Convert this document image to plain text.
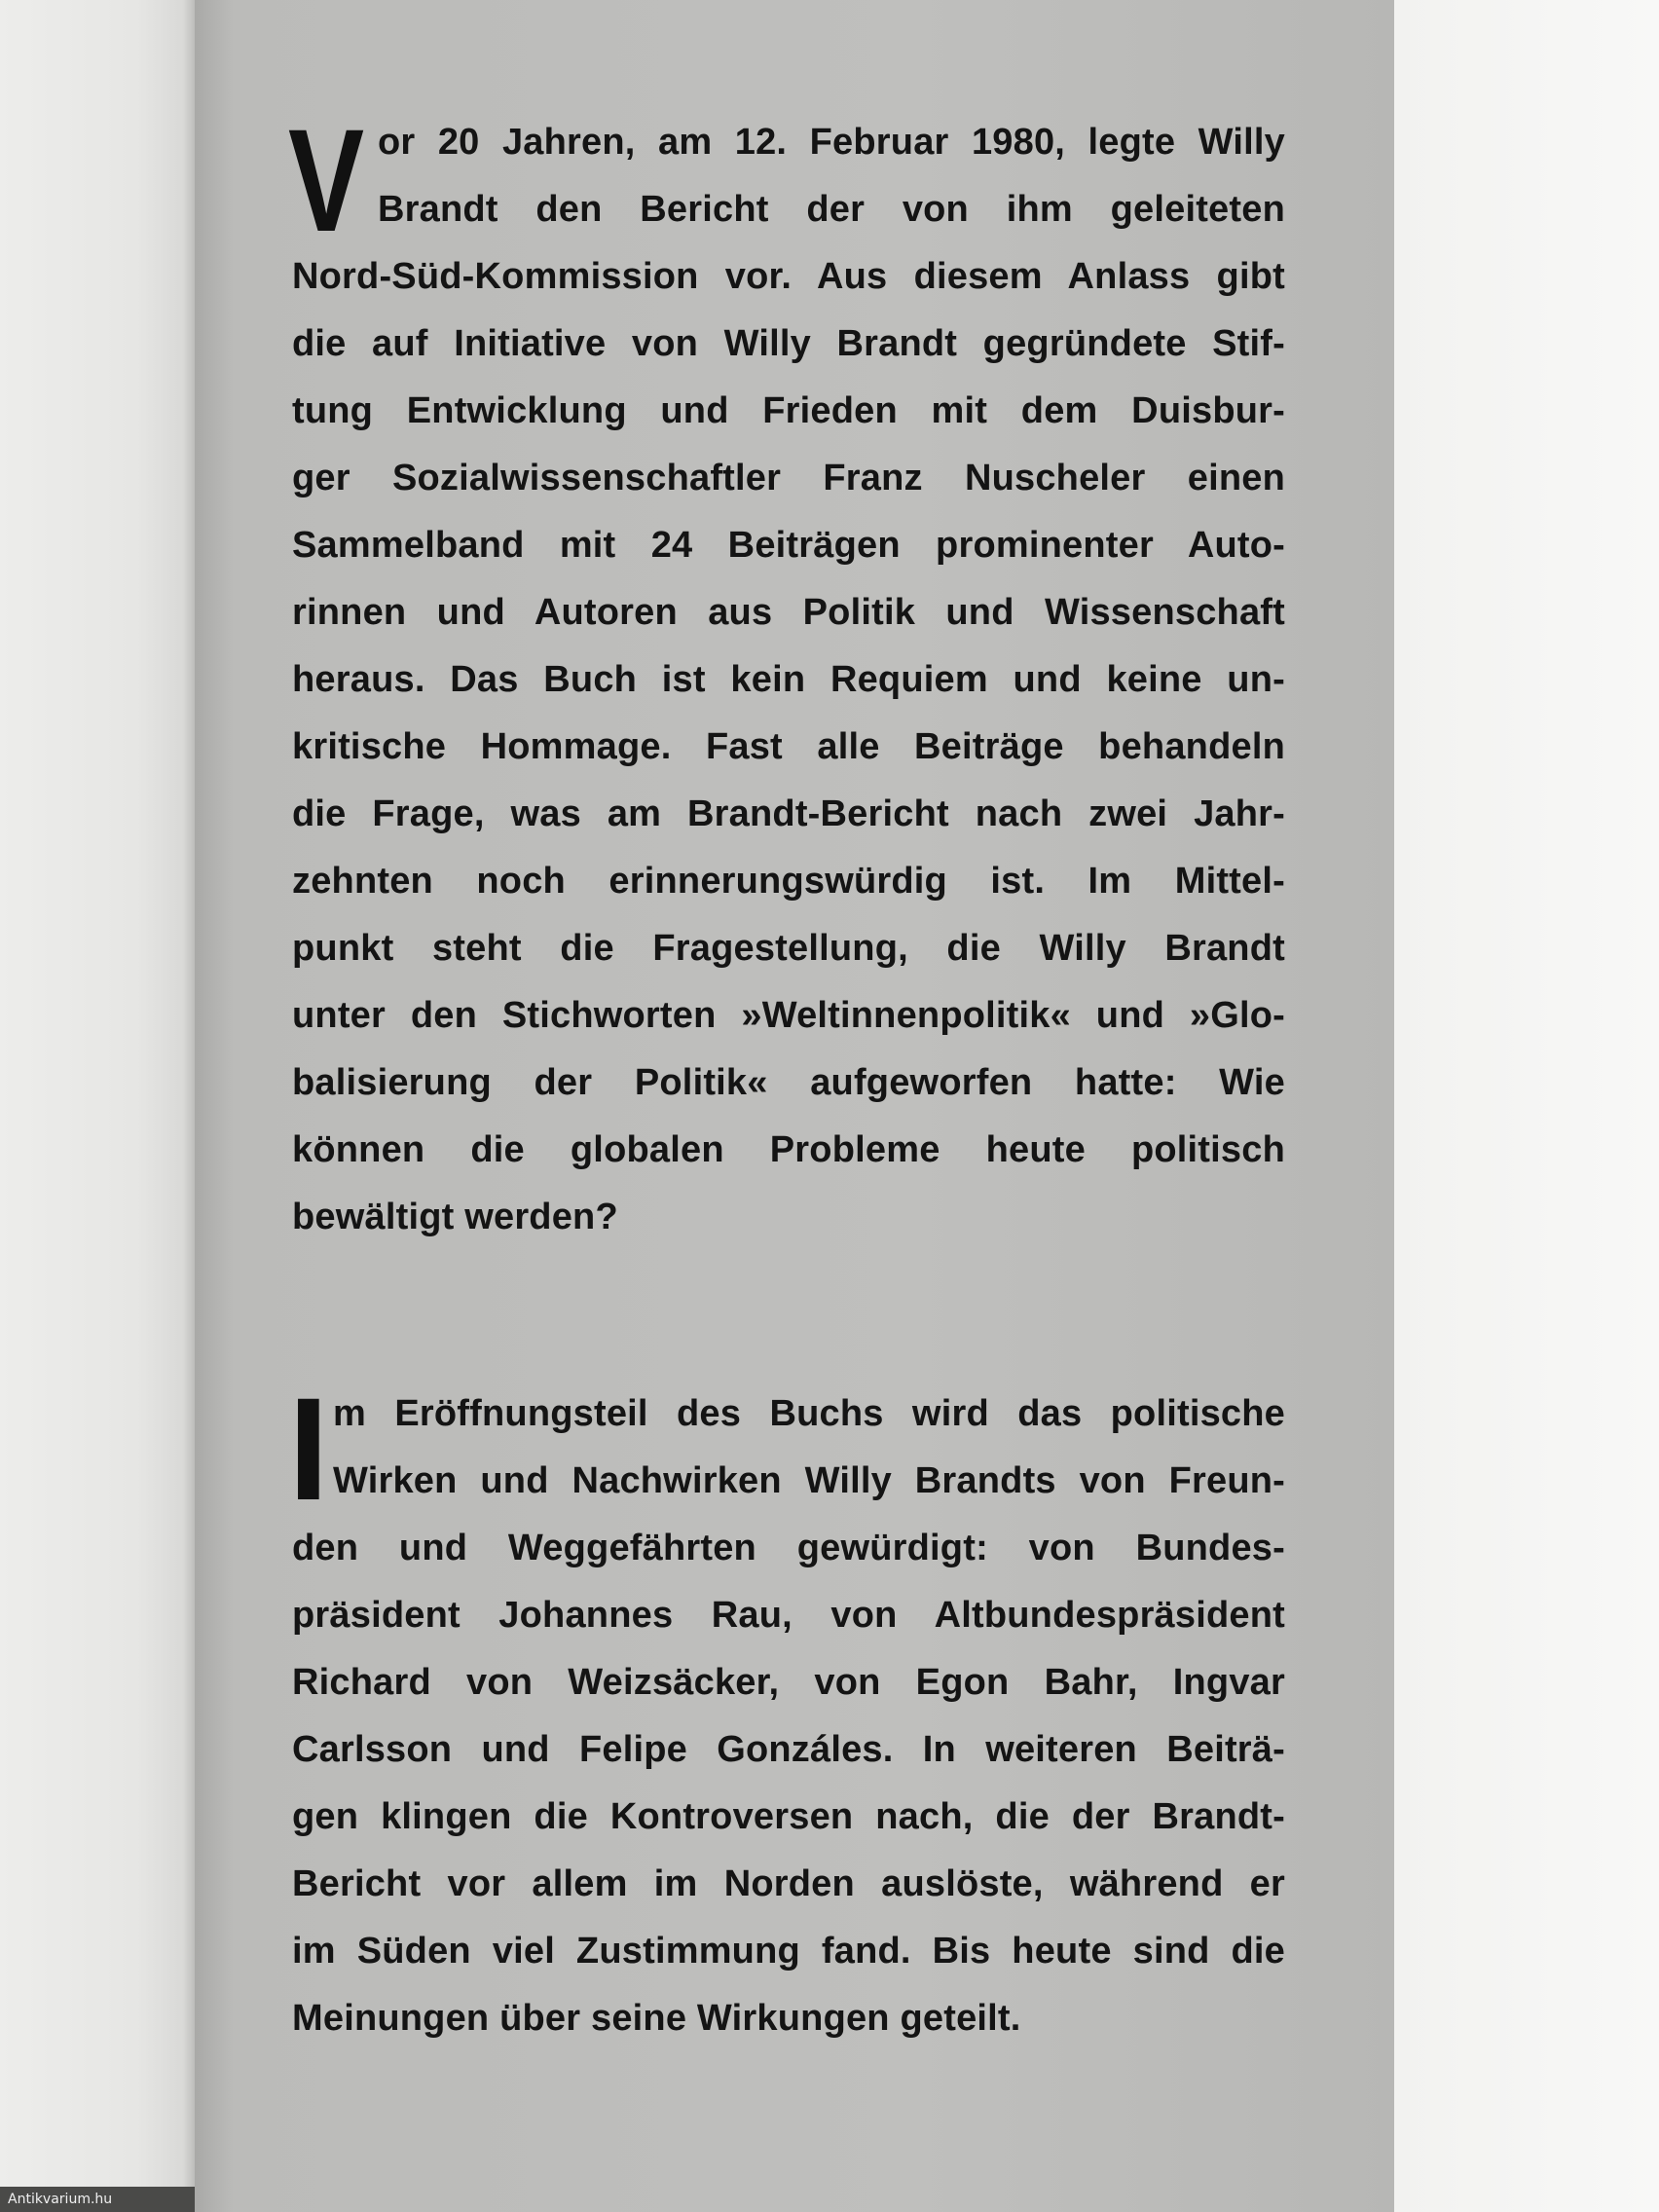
V or 20 Jahren, am 12. Februar 1980, legte Willy
Brandt den Bericht der von ihm geleiteten
Nord-Süd-Kommission vor. Aus diesem Anlass gibt
die auf Initiative von Willy Brandt gegründete Stif-
tung Entwicklung und Frieden mit dem Duisbur-
ger Sozialwissenschaftler Franz Nuscheler einen
Sammelband mit 24 Beiträgen prominenter Auto-
rinnen und Autoren aus Politik und Wissenschaft
heraus. Das Buch ist kein Requiem und keine un-
kritische Hommage. Fast alle Beiträge behandeln
die Frage, was am Brandt-Bericht nach zwei Jahr-
zehnten noch erinnerungswürdig ist. Im Mittel-
punkt steht die Fragestellung, die Willy Brandt
unter den Stichworten »Weltinnenpolitik« und »Glo-
balisierung der Politik« aufgeworfen hatte: Wie
können die globalen Probleme heute politisch
bewältigt werden?
I m Eröffnungsteil des Buchs wird das politische
Wirken und Nachwirken Willy Brandts von Freun-
den und Weggefährten gewürdigt: von Bundes-
präsident Johannes Rau, von Altbundespräsident
Richard von Weizsäcker, von Egon Bahr, Ingvar
Carlsson und Felipe Gonzáles. In weiteren Beiträ-
gen klingen die Kontroversen nach, die der Brandt-
Bericht vor allem im Norden auslöste, während er
im Süden viel Zustimmung fand. Bis heute sind die
Meinungen über seine Wirkungen geteilt.
Antikvarium.hu
